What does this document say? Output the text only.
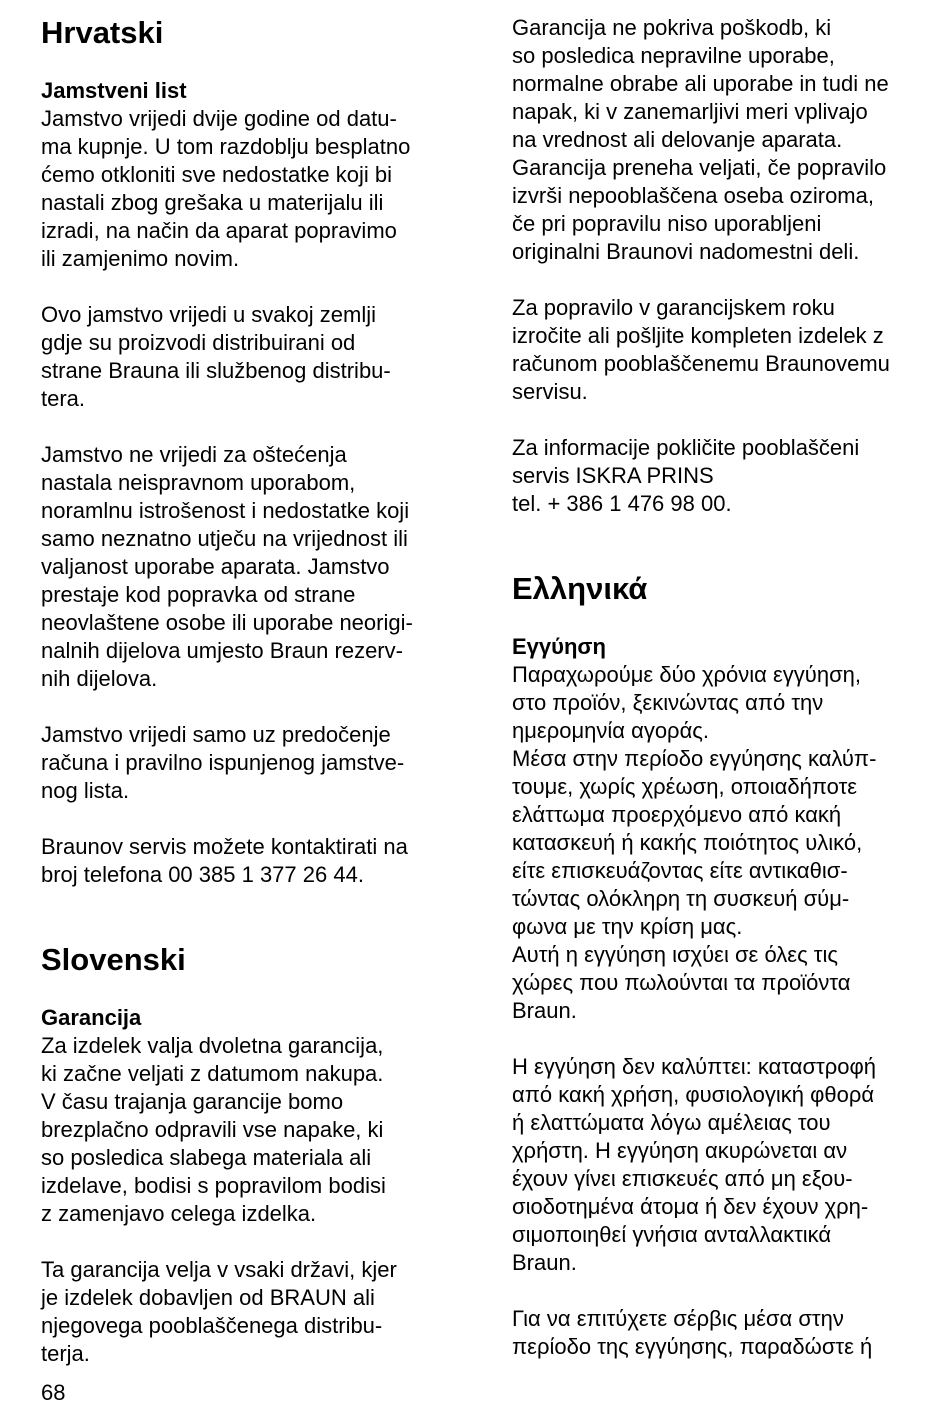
Hrvatski
Jamstveni list

Jamstvo vrijedi dvije godine od datu-
ma kupnje. U tom razdoblju besplatno
ćemo otkloniti sve nedostatke koji bi
nastali zbog grešaka u materijalu ili
izradi, na način da aparat popravimo
ili zamjenimo novim.

Ovo jamstvo vrijedi u svakoj zemlji
gdje su proizvodi distribuirani od
strane Brauna ili službenog distribu-
tera.

Jamstvo ne vrijedi za oštećenja
nastala neispravnom uporabom,
noramlnu istrošenost i nedostatke koji
samo neznatno utječu na vrijednost ili
valjanost uporabe aparata. Jamstvo
prestaje kod popravka od strane
neovlaštene osobe ili uporabe neorigi-
nalnih dijelova umjesto Braun rezerv-
nih dijelova.

Jamstvo vrijedi samo uz predočenje
računa i pravilno ispunjenog jamstve-
nog lista.

Braunov servis možete kontaktirati na
broj telefona 00 385 1 377 26 44.

Slovenski
Garancija

Za izdelek valja dvoletna garancija,
ki začne veljati z datumom nakupa.
V času trajanja garancije bomo
brezplačno odpravili vse napake, ki
so posledica slabega materiala ali
izdelave, bodisi s popravilom bodisi
z zamenjavo celega izdelka.

Ta garancija velja v vsaki državi, kjer
je izdelek dobavljen od BRAUN ali
njegovega pooblaščenega distribu-
terja.

Garancija ne pokriva poškodb, ki
so posledica nepravilne uporabe,
normalne obrabe ali uporabe in tudi ne
napak, ki v zanemarljivi meri vplivajo
na vrednost ali delovanje aparata.
Garancija preneha veljati, če popravilo
izvrši nepooblaščena oseba oziroma,
če pri popravilu niso uporabljeni
originalni Braunovi nadomestni deli.

Za popravilo v garancijskem roku
izročite ali pošljite kompleten izdelek z
računom pooblaščenemu Braunovemu
servisu.

Za informacije pokličite pooblaščeni
servis ISKRA PRINS
tel. + 386 1 476 98 00.

Ελληνικά
Εγγύηση

Παραχωρούμε δύο χρόνια εγγύηση,
στο προϊόν, ξεκινώντας από την
ημερομηνία αγοράς.
Μέσα στην περίοδο εγγύησης καλύπ-
τουμε, χωρίς χρέωση, οποιαδήποτε
ελάττωμα προερχόμενο από κακή
κατασκευή ή κακής ποιότητος υλικό,
είτε επισκευάζοντας είτε αντικαθισ-
τώντας ολόκληρη τη συσκευή σύμ-
φωνα με την κρίση μας.
Αυτή η εγγύηση ισχύει σε όλες τις
χώρες που πωλούνται τα προϊόντα
Braun.

Η εγγύηση δεν καλύπτει: καταστροφή
από κακή χρήση, φυσιολογική φθορά
ή ελαττώματα λόγω αμέλειας του
χρήστη. Η εγγύηση ακυρώνεται αν
έχουν γίνει επισκευές από μη εξου-
σιοδοτημένα άτομα ή δεν έχουν χρη-
σιμοποιηθεί γνήσια ανταλλακτικά
Braun.

Για να επιτύχετε σέρβις μέσα στην
περίοδο της εγγύησης, παραδώστε ή

68
